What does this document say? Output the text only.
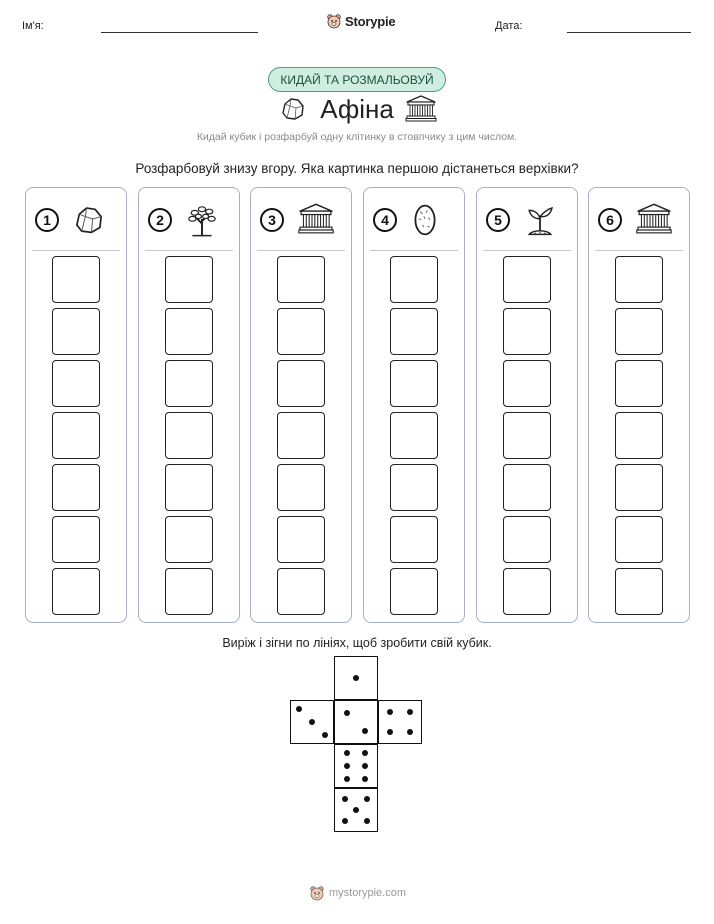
Ім'я:	Storypie	Дата:
КИДАЙ ТА РОЗМАЛЬОВУЙ
Афіна
Кидай кубик і розфарбуй одну клітинку в стовпчику з цим числом.
Розфарбовуй знизу вгору. Яка картинка першою дістанеться верхівки?
1	2	3	4	5	6
Виріж і зігни по лініях, щоб зробити свій кубик.
mystorypie.com
